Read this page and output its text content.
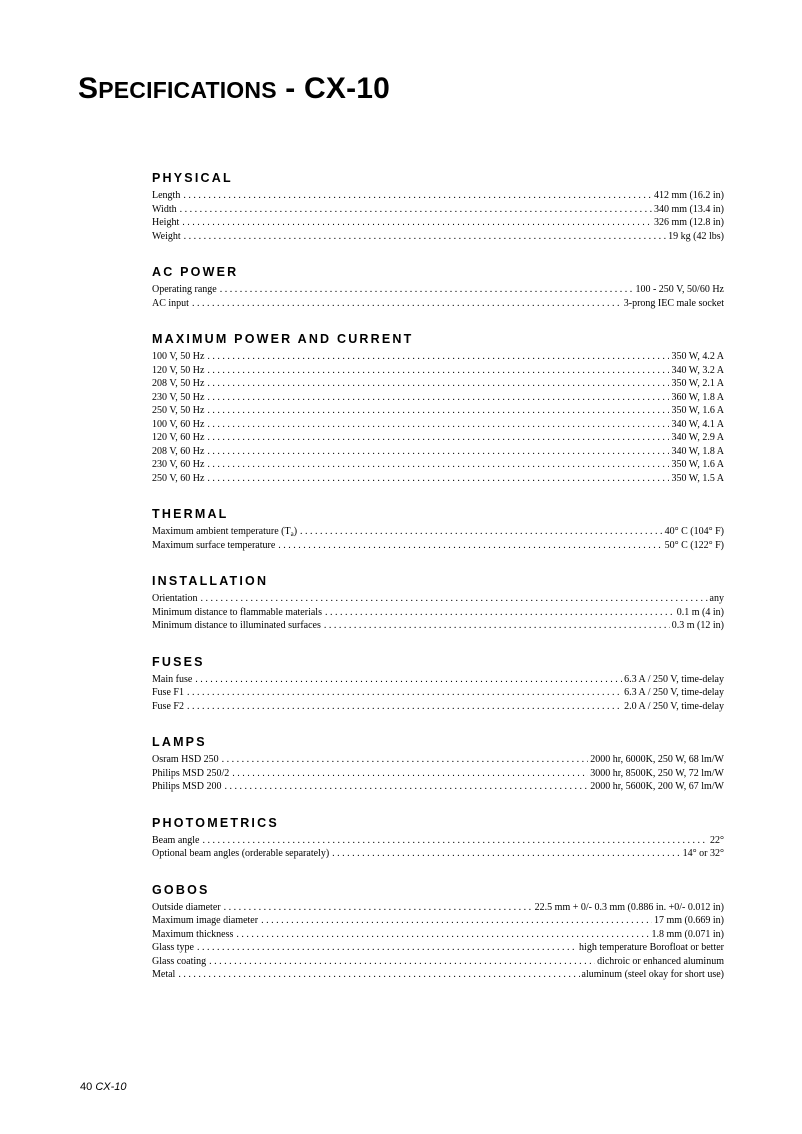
SPECIFICATIONS - CX-10
PHYSICAL
Length . . .	412 mm (16.2 in)
Width . . .	340 mm (13.4 in)
Height . . .	326 mm (12.8 in)
Weight . . .	19 kg (42 lbs)
AC POWER
Operating range . . .	100 - 250 V, 50/60 Hz
AC input . . .	3-prong IEC male socket
MAXIMUM POWER AND CURRENT
100 V, 50 Hz . . .	350 W, 4.2 A
120 V, 50 Hz . . .	340 W, 3.2 A
208 V, 50 Hz . . .	350 W, 2.1 A
230 V, 50 Hz . . .	360 W, 1.8 A
250 V, 50 Hz . . .	350 W, 1.6 A
100 V, 60 Hz . . .	340 W, 4.1 A
120 V, 60 Hz . . .	340 W, 2.9 A
208 V, 60 Hz . . .	340 W, 1.8 A
230 V, 60 Hz . . .	350 W, 1.6 A
250 V, 60 Hz . . .	350 W, 1.5 A
THERMAL
Maximum ambient temperature $(T_a)$ . . .	40° C (104° F)
Maximum surface temperature . . .	50° C (122° F)
INSTALLATION
Orientation . . .	any
Minimum distance to flammable materials . . .	0.1 m (4 in)
Minimum distance to illuminated surfaces . . .	0.3 m (12 in)
FUSES
Main fuse . . .	6.3 A / 250 V, time-delay
Fuse F1 . . .	6.3 A / 250 V, time-delay
Fuse F2 . . .	2.0 A / 250 V, time-delay
LAMPS
Osram HSD 250 . . .	2000 hr, 6000K, 250 W, 68 lm/W
Philips MSD 250/2 . . .	3000 hr, 8500K, 250 W, 72 lm/W
Philips MSD 200 . . .	2000 hr, 5600K, 200 W, 67 lm/W
PHOTOMETRICS
Beam angle . . .	22°
Optional beam angles (orderable separately) . . .	14° or 32°
GOBOS
Outside diameter . . .	22.5 mm + 0/- 0.3 mm (0.886 in. +0/- 0.012 in)
Maximum image diameter . . .	17 mm (0.669 in)
Maximum thickness . . .	1.8 mm (0.071 in)
Glass type . . .	high temperature Borofloat or better
Glass coating . . .	dichroic or enhanced aluminum
Metal . . .	aluminum (steel okay for short use)
40 CX-10
